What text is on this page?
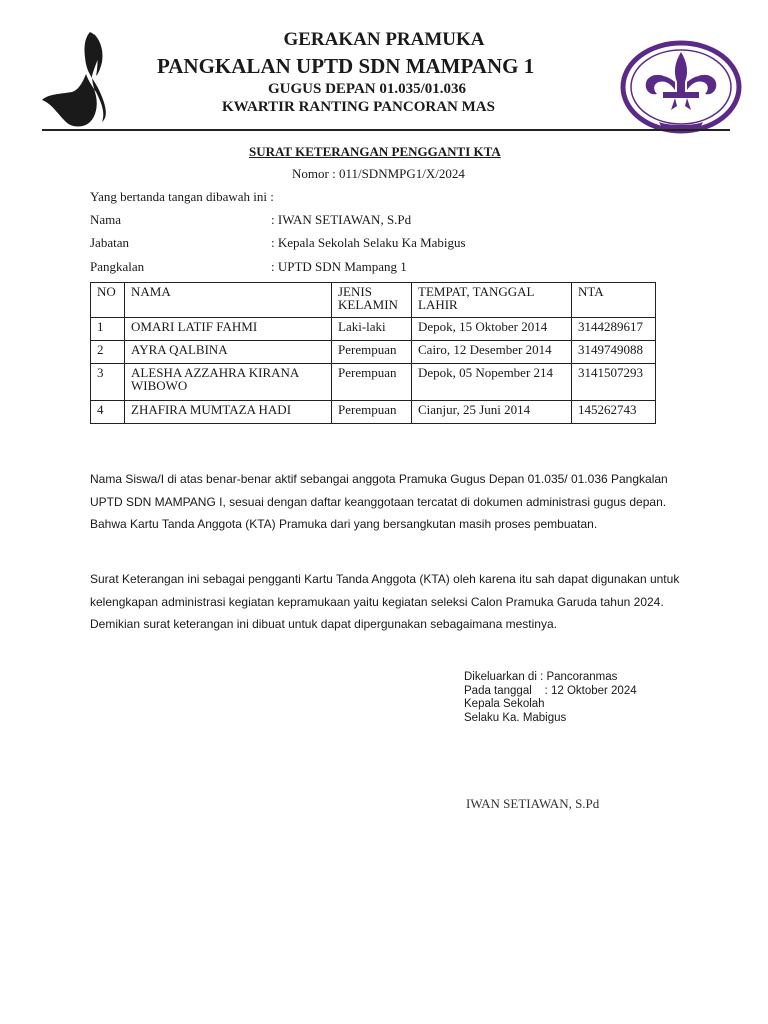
GERAKAN PRAMUKA
PANGKALAN UPTD SDN MAMPANG 1
GUGUS DEPAN 01.035/01.036
KWARTIR RANTING PANCORAN MAS
SURAT KETERANGAN PENGGANTI KTA
Nomor : 011/SDNMPG1/X/2024
Yang bertanda tangan dibawah ini :
Nama	: IWAN SETIAWAN, S.Pd
Jabatan	: Kepala Sekolah Selaku Ka Mabigus
Pangkalan	: UPTD SDN Mampang 1
NO	NAMA	JENIS KELAMIN	TEMPAT, TANGGAL LAHIR	NTA
1	OMARI LATIF FAHMI	Laki-laki	Depok, 15 Oktober 2014	3144289617
2	AYRA QALBINA	Perempuan	Cairo, 12 Desember 2014	3149749088
3	ALESHA AZZAHRA KIRANA WIBOWO	Perempuan	Depok, 05 Nopember 214	3141507293
4	ZHAFIRA MUMTAZA HADI	Perempuan	Cianjur, 25 Juni 2014	145262743
Nama Siswa/I di atas benar-benar aktif sebangai anggota Pramuka Gugus Depan 01.035/ 01.036 Pangkalan UPTD SDN MAMPANG I, sesuai dengan daftar keanggotaan tercatat di dokumen administrasi gugus depan. Bahwa Kartu Tanda Anggota (KTA) Pramuka dari yang bersangkutan masih proses pembuatan.
Surat Keterangan ini sebagai pengganti Kartu Tanda Anggota (KTA) oleh karena itu sah dapat digunakan untuk kelengkapan administrasi kegiatan kepramukaan yaitu kegiatan seleksi Calon Pramuka Garuda tahun 2024. Demikian surat keterangan ini dibuat untuk dapat dipergunakan sebagaimana mestinya.
Dikeluarkan di : Pancoranmas
Pada tanggal    : 12 Oktober 2024
Kepala Sekolah
Selaku Ka. Mabigus
IWAN SETIAWAN, S.Pd
